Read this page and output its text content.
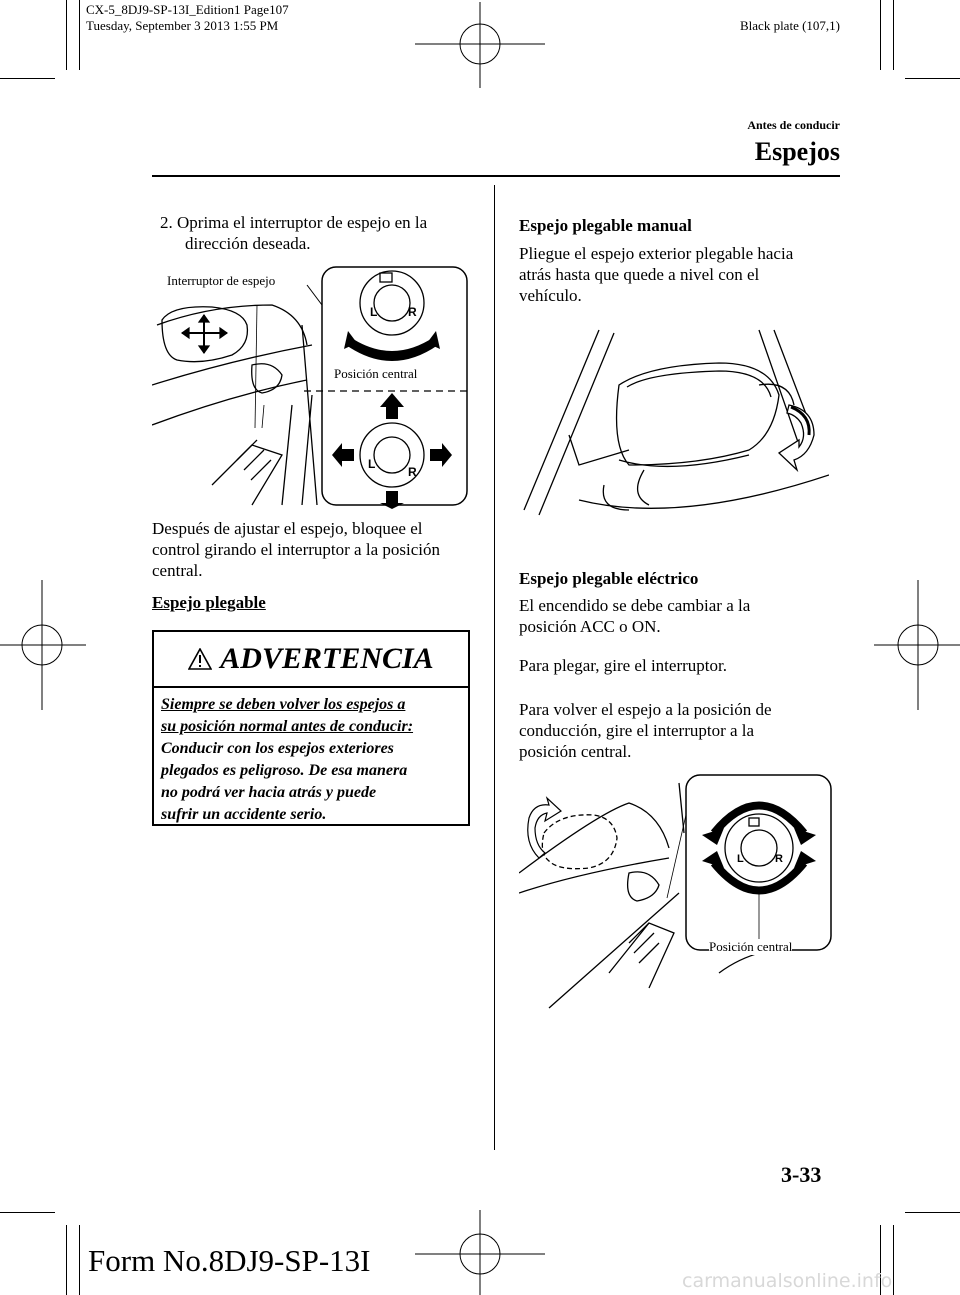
CX-5_8DJ9-SP-13I_Edition1 Page107
Tuesday, September 3 2013 1:55 PM	Black plate (107,1)
Antes de conducir
Espejos
2. Oprima el interruptor de espejo en la
dirección deseada.
Interruptor de espejo
Posición central
L	R
L
R
Después de ajustar el espejo, bloquee el
control girando el interruptor a la posición
central.
Espejo plegable
ADVERTENCIA
Siempre se deben volver los espejos a
su posición normal antes de conducir:
Conducir con los espejos exteriores
plegados es peligroso. De esa manera
no podrá ver hacia atrás y puede
sufrir un accidente serio.
Espejo plegable manual
Pliegue el espejo exterior plegable hacia
atrás hasta que quede a nivel con el
vehículo.
Espejo plegable eléctrico
El encendido se debe cambiar a la
posición ACC o ON.
Para plegar, gire el interruptor.
Para volver el espejo a la posición de
conducción, gire el interruptor a la
posición central.
Posición central
L	R
3-33
Form No.8DJ9-SP-13I
carmanualsonline.info
